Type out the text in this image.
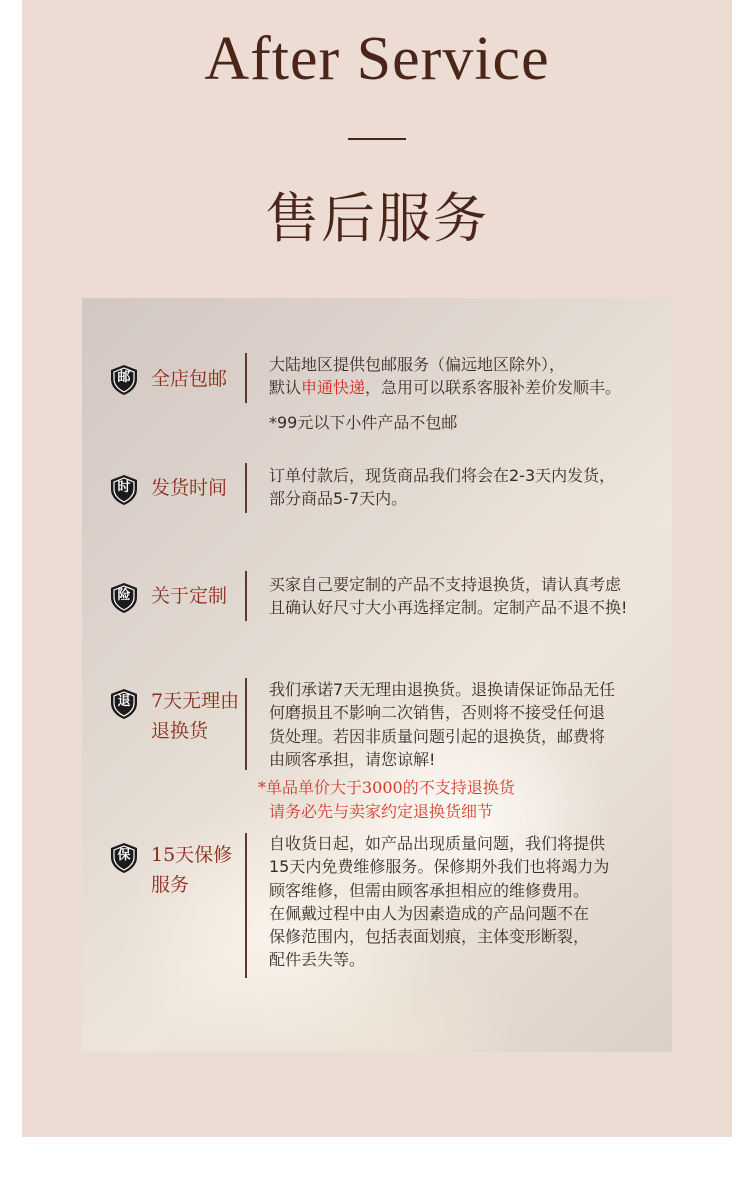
After Service
售后服务
邮	全店包邮
大陆地区提供包邮服务（偏远地区除外），
默认申通快递，急用可以联系客服补差价发顺丰。
*99元以下小件产品不包邮
时	发货时间
订单付款后，现货商品我们将会在2-3天内发货，
部分商品5-7天内。
险	关于定制
买家自己要定制的产品不支持退换货，请认真考虑
且确认好尺寸大小再选择定制。定制产品不退不换!
退	7天无理由
退换货
我们承诺7天无理由退换货。退换请保证饰品无任
何磨损且不影响二次销售，否则将不接受任何退
货处理。若因非质量问题引起的退换货，邮费将
由顾客承担，请您谅解!
*单品单价大于3000的不支持退换货
请务必先与卖家约定退换货细节
保	15天保修
服务
自收货日起，如产品出现质量问题，我们将提供
15天内免费维修服务。保修期外我们也将竭力为
顾客维修，但需由顾客承担相应的维修费用。
在佩戴过程中由人为因素造成的产品问题不在
保修范围内，包括表面划痕，主体变形断裂，
配件丢失等。
